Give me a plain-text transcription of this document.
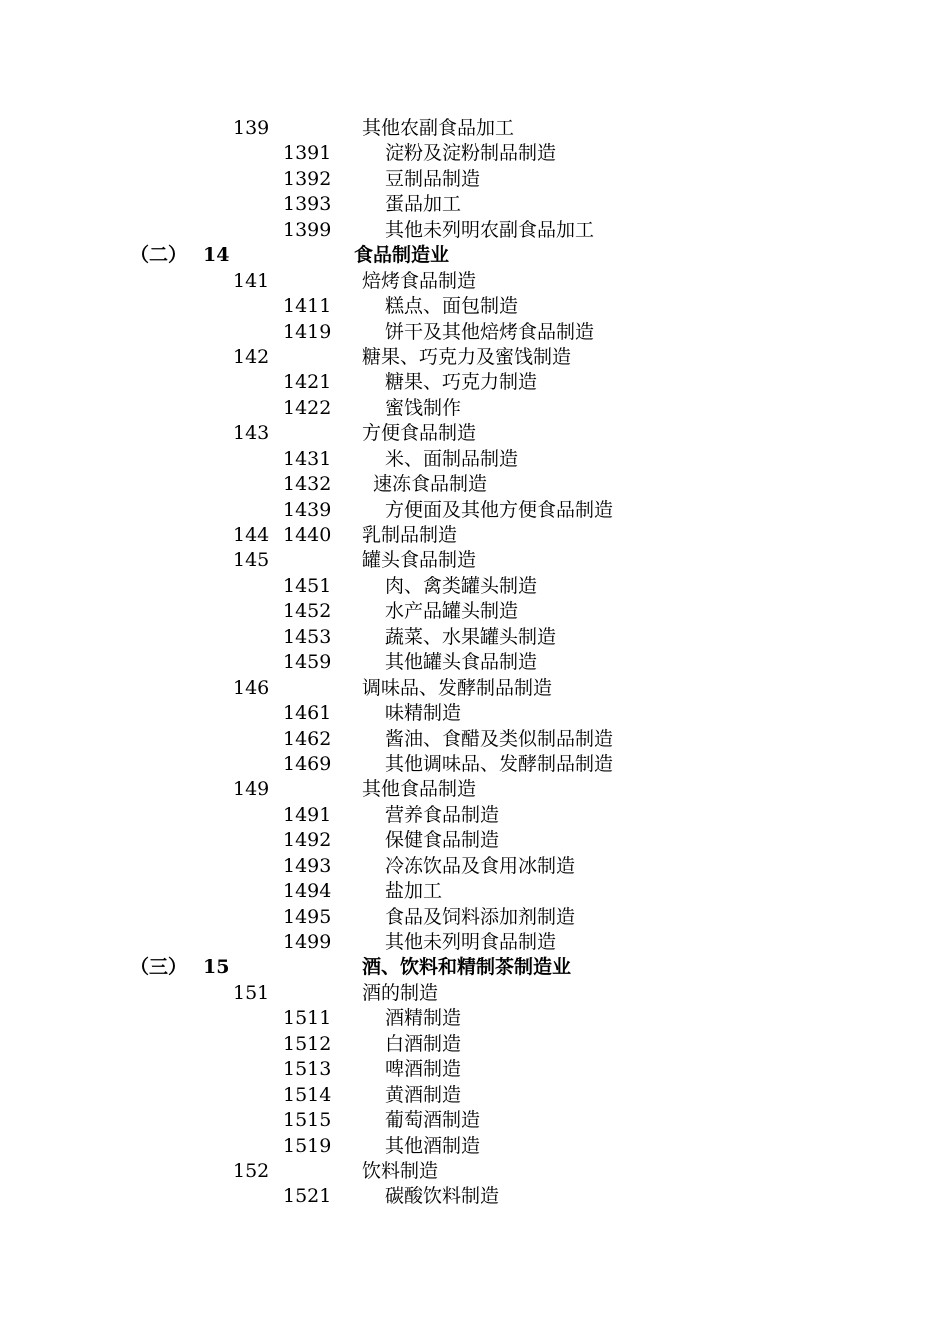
139	其他农副食品加工
1391	淀粉及淀粉制品制造
1392	豆制品制造
1393	蛋品加工
1399	其他未列明农副食品加工
（二） 14	食品制造业
141	焙烤食品制造
1411	糕点、面包制造
1419	饼干及其他焙烤食品制造
142	糖果、巧克力及蜜饯制造
1421	糖果、巧克力制造
1422	蜜饯制作
143	方便食品制造
1431	米、面制品制造
1432 速冻食品制造
1439	方便面及其他方便食品制造
144 1440 乳制品制造
145	罐头食品制造
1451	肉、禽类罐头制造
1452	水产品罐头制造
1453	蔬菜、水果罐头制造
1459	其他罐头食品制造
146	调味品、发酵制品制造
1461	味精制造
1462	酱油、食醋及类似制品制造
1469	其他调味品、发酵制品制造
149	其他食品制造
1491	营养食品制造
1492	保健食品制造
1493	冷冻饮品及食用冰制造
1494	盐加工
1495	食品及饲料添加剂制造
1499	其他未列明食品制造
（三） 15	酒、饮料和精制茶制造业
151	酒的制造
1511	酒精制造
1512	白酒制造
1513	啤酒制造
1514	黄酒制造
1515	葡萄酒制造
1519	其他酒制造
152	饮料制造
1521	碳酸饮料制造
